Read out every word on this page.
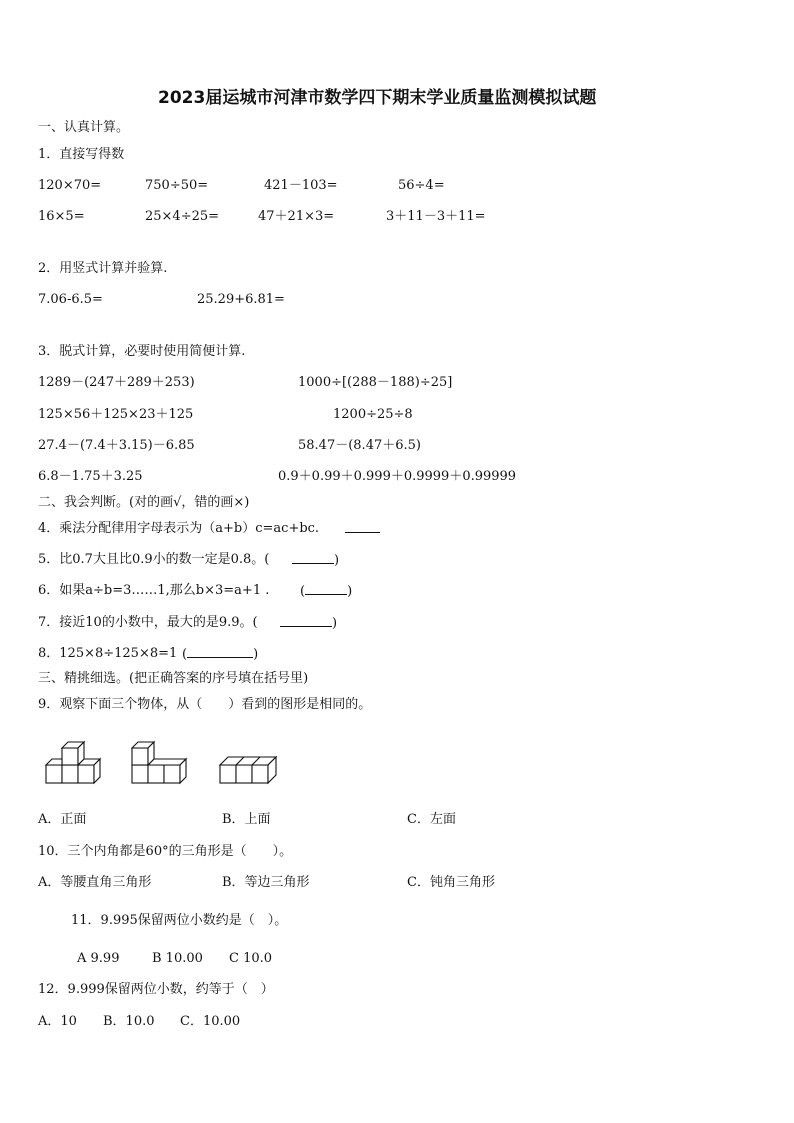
2023届运城市河津市数学四下期末学业质量监测模拟试题
一、认真计算。
1．直接写得数
120×70=	750÷50=	421－103=	56÷4=
16×5=	25×4÷25=	47＋21×3=	3＋11－3＋11=
2．用竖式计算并验算.
7.06-6.5=	25.29+6.81=
3．脱式计算，必要时使用简便计算.
1289－(247＋289＋253)	1000÷[(288－188)÷25]
125×56＋125×23＋125	1200÷25÷8
27.4－(7.4＋3.15)－6.85	58.47－(8.47＋6.5)
6.8－1.75＋3.25	0.9＋0.99＋0.999＋0.9999＋0.99999
二、我会判断。(对的画√，错的画×)
4．乘法分配律用字母表示为（a+b）c=ac+bc.
5．比0.7大且比0.9小的数一定是0.8。(	)
6．如果a÷b=3……1,那么b×3=a+1 . (	)
7．接近10的小数中，最大的是9.9。(	)
8．125×8÷125×8=1 (	)
三、精挑细选。(把正确答案的序号填在括号里)
9．观察下面三个物体，从（　　）看到的图形是相同的。
A．正面	B．上面	C．左面
10．三个内角都是60°的三角形是（　　）。
A．等腰直角三角形	B．等边三角形	C．钝角三角形
11．9.995保留两位小数约是（　）。
A 9.99	B 10.00 C 10.0
12．9.999保留两位小数，约等于（　）
A．10 B．10.0 C．10.00
